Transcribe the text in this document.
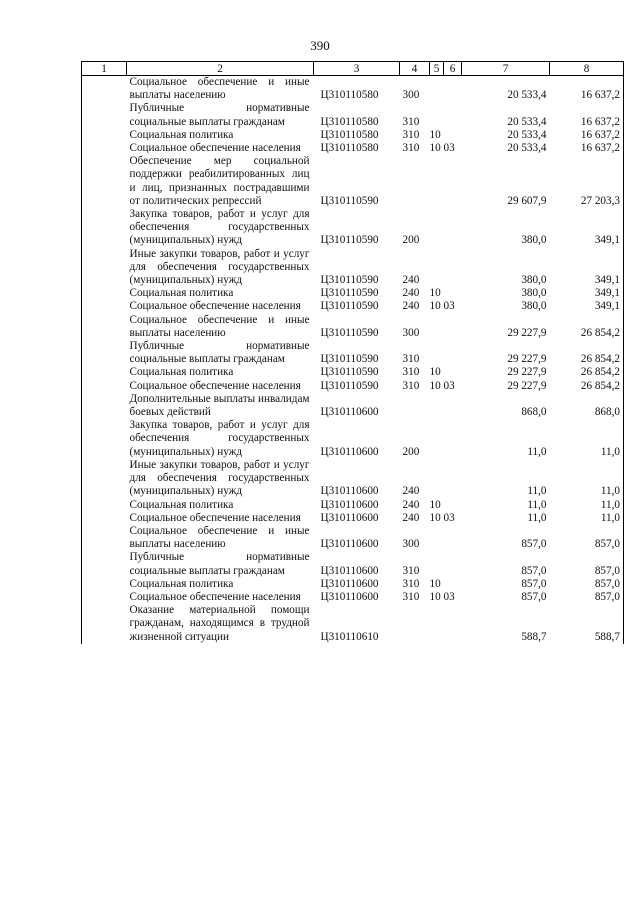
390
1	2	3	4	5	6	7	8
	Социальное обеспечение и иные выплаты населению	Ц310110580	300			20 533,4	16 637,2
	Публичные нормативные социальные выплаты гражданам	Ц310110580	310			20 533,4	16 637,2
	Социальная политика	Ц310110580	310	10		20 533,4	16 637,2
	Социальное обеспечение населения	Ц310110580	310	10	03	20 533,4	16 637,2
	Обеспечение мер социальной поддержки реабилитированных лиц и лиц, признанных пострадавшими от политических репрессий	Ц310110590				29 607,9	27 203,3
	Закупка товаров, работ и услуг для обеспечения государственных (муниципальных) нужд	Ц310110590	200			380,0	349,1
	Иные закупки товаров, работ и услуг для обеспечения государственных (муниципальных) нужд	Ц310110590	240			380,0	349,1
	Социальная политика	Ц310110590	240	10		380,0	349,1
	Социальное обеспечение населения	Ц310110590	240	10	03	380,0	349,1
	Социальное обеспечение и иные выплаты населению	Ц310110590	300			29 227,9	26 854,2
	Публичные нормативные социальные выплаты гражданам	Ц310110590	310			29 227,9	26 854,2
	Социальная политика	Ц310110590	310	10		29 227,9	26 854,2
	Социальное обеспечение населения	Ц310110590	310	10	03	29 227,9	26 854,2
	Дополнительные выплаты инвалидам боевых действий	Ц310110600				868,0	868,0
	Закупка товаров, работ и услуг для обеспечения государственных (муниципальных) нужд	Ц310110600	200			11,0	11,0
	Иные закупки товаров, работ и услуг для обеспечения государственных (муниципальных) нужд	Ц310110600	240			11,0	11,0
	Социальная политика	Ц310110600	240	10		11,0	11,0
	Социальное обеспечение населения	Ц310110600	240	10	03	11,0	11,0
	Социальное обеспечение и иные выплаты населению	Ц310110600	300			857,0	857,0
	Публичные нормативные социальные выплаты гражданам	Ц310110600	310			857,0	857,0
	Социальная политика	Ц310110600	310	10		857,0	857,0
	Социальное обеспечение населения	Ц310110600	310	10	03	857,0	857,0
	Оказание материальной помощи гражданам, находящимся в трудной жизненной ситуации	Ц310110610				588,7	588,7
